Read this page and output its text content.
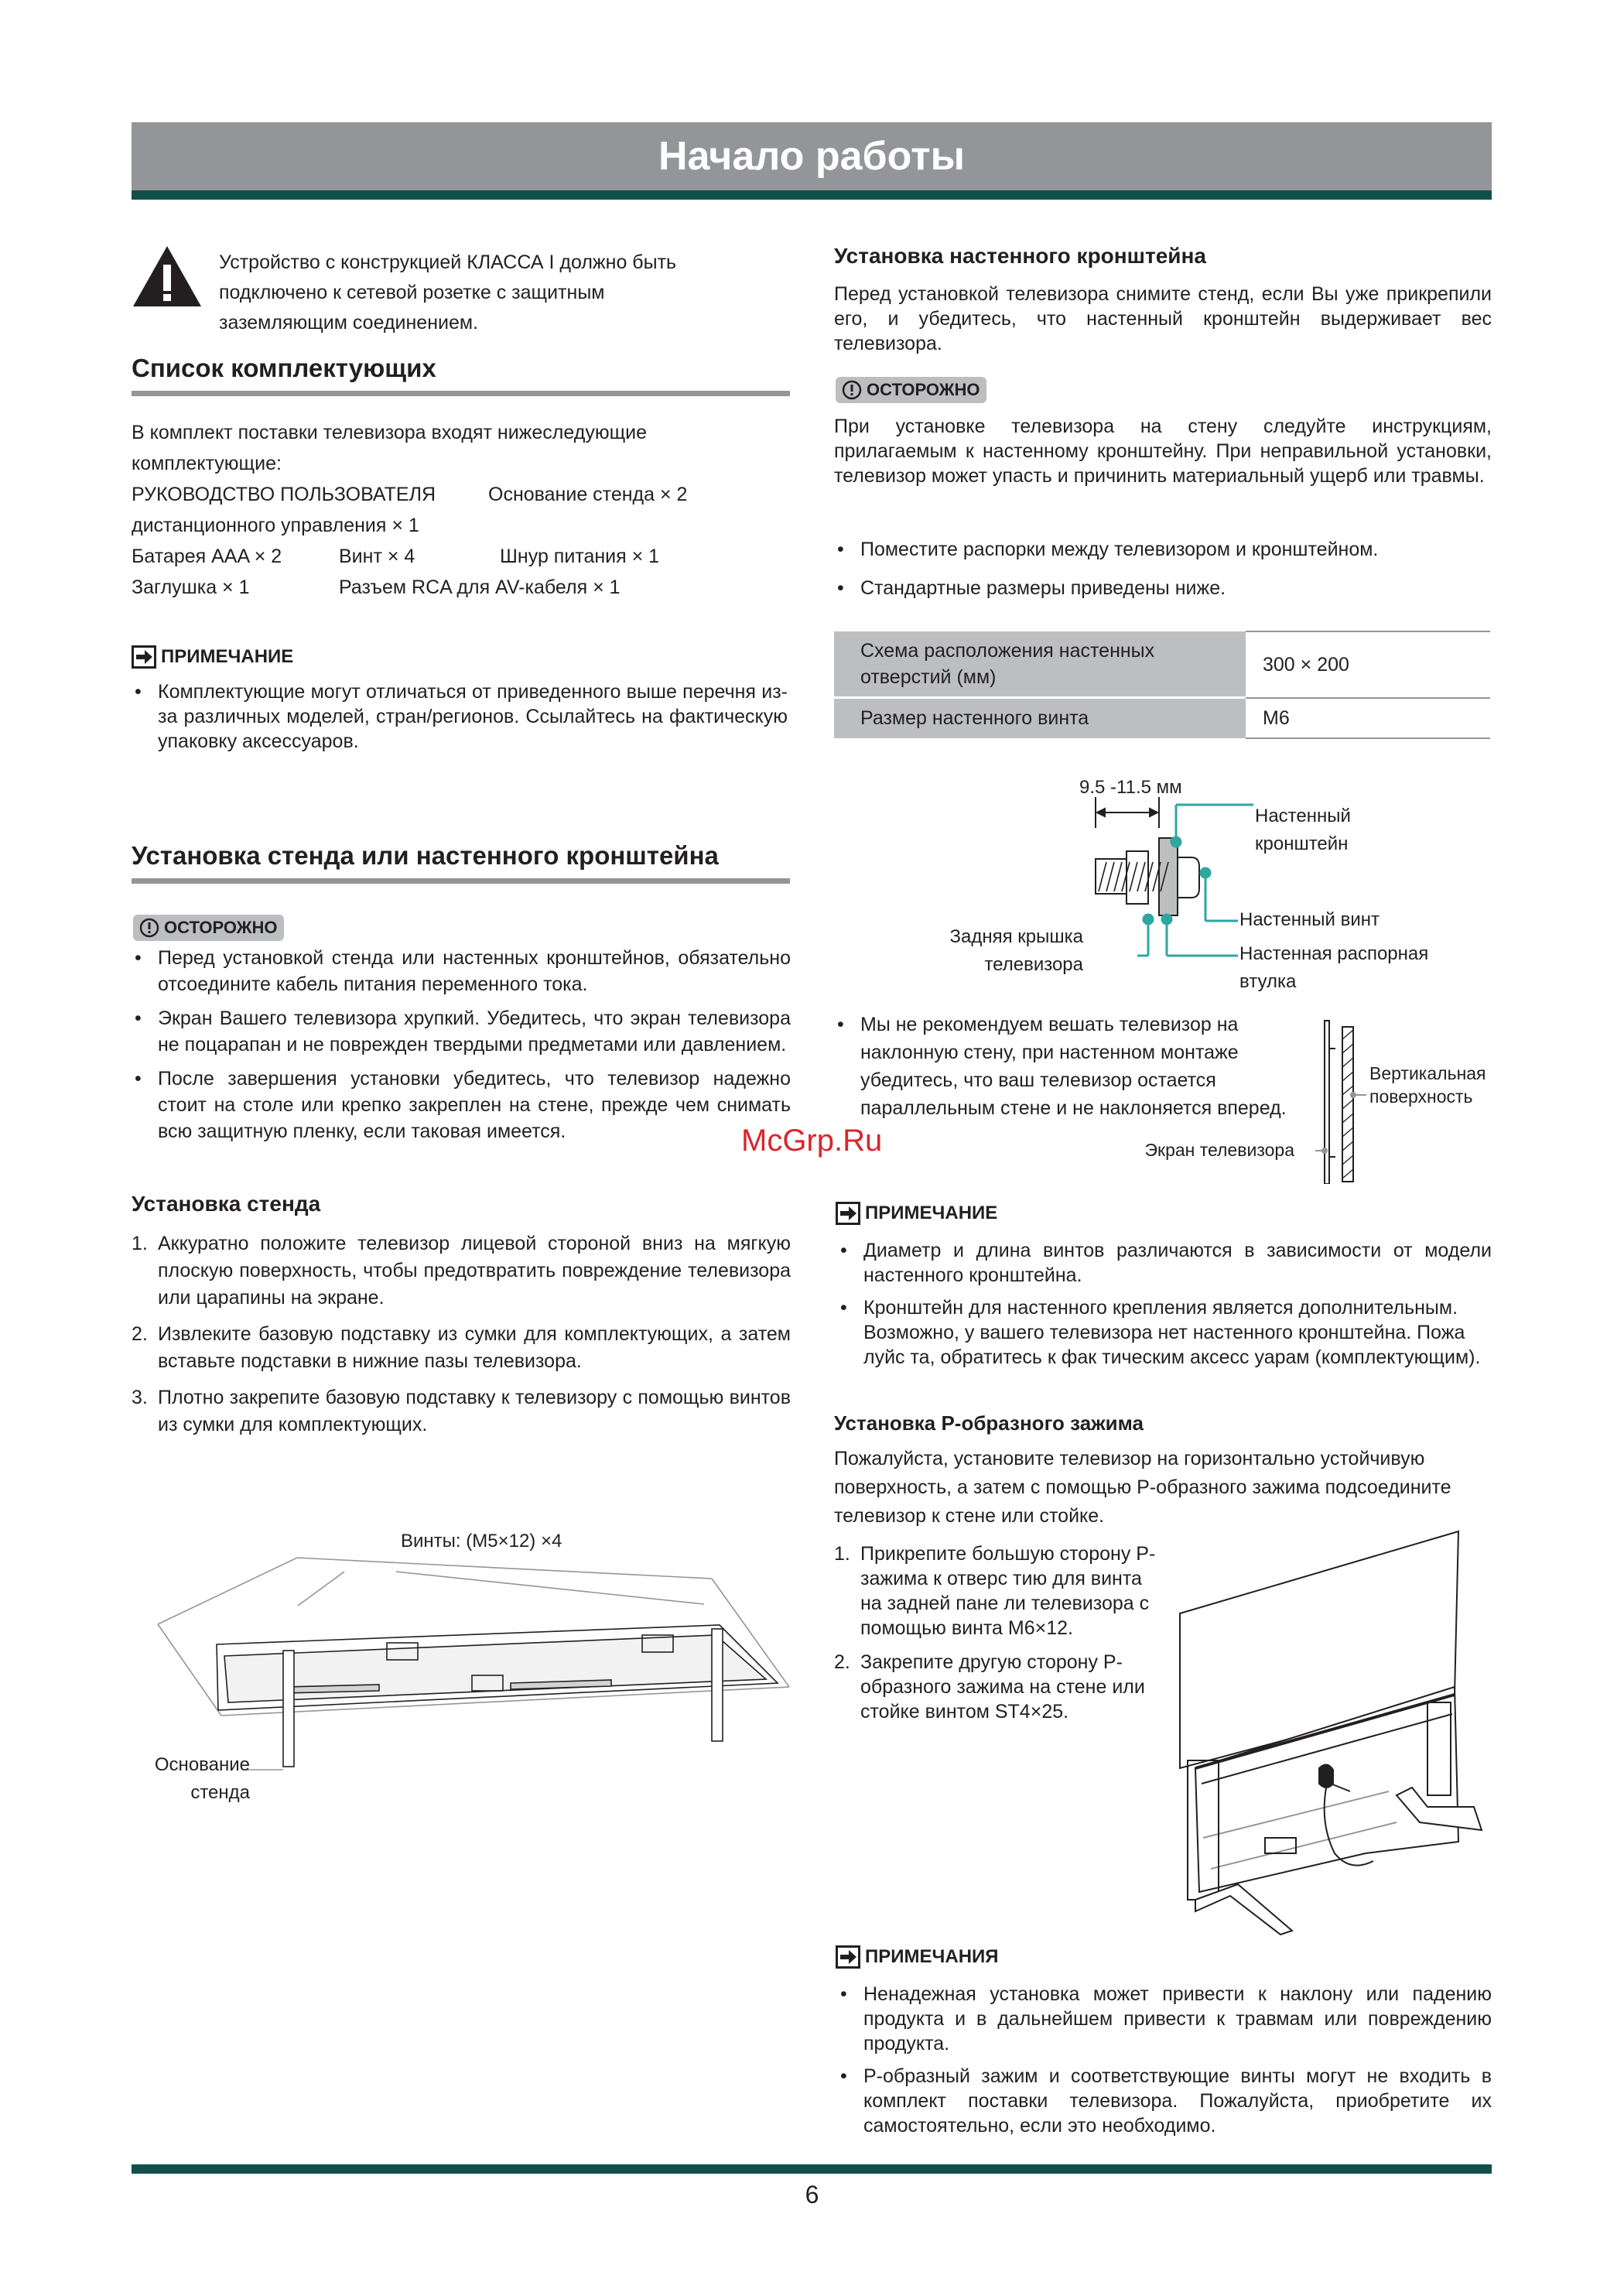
Начало работы
Устройство с конструкцией КЛАССА I должно быть
подключено к сетевой розетке с защитным
заземляющим соединением.
Список комплектующих
В комплект поставки телевизора входят нижеследующие
комплектующие:
РУКОВОДСТВО ПОЛЬЗОВАТЕЛЯ	Основание стенда × 2
дистанционного управления × 1
Батарея AAA × 2	Винт × 4	Шнур питания × 1
Заглушка × 1	Разъем RCA для AV-кабеля × 1
ПРИМЕЧАНИЕ
• Комплектующие могут отличаться от приведенного выше перечня из-за различных моделей, стран/регионов. Ссылайтесь на фактическую упаковку аксессуаров.
Установка стенда или настенного кронштейна
ОСТОРОЖНО
• Перед установкой стенда или настенных кронштейнов, обязательно отсоедините кабель питания переменного тока.
• Экран Вашего телевизора хрупкий. Убедитесь, что экран телевизора не поцарапан и не поврежден твердыми предметами или давлением.
• После завершения установки убедитесь, что телевизор надежно стоит на столе или крепко закреплен на стене, прежде чем снимать всю защитную пленку, если таковая имеется.
Установка стенда
1. Аккуратно положите телевизор лицевой стороной вниз на мягкую плоскую поверхность, чтобы предотвратить повреждение телевизора или царапины на экране.
2. Извлеките базовую подставку из сумки для комплектующих, а затем вставьте подставки в нижние пазы телевизора.
3. Плотно закрепите базовую подставку к телевизору с помощью винтов из сумки для комплектующих.
Винты: (M5×12) ×4
Основание
стенда
Установка настенного кронштейна
Перед установкой телевизора снимите стенд, если Вы уже прикрепили его, и убедитесь, что настенный кронштейн выдерживает вес телевизора.
ОСТОРОЖНО
При установке телевизора на стену следуйте инструкциям, прилагаемым к настенному кронштейну. При неправильной установки, телевизор может упасть и причинить материальный ущерб или травмы.
• Поместите распорки между телевизором и кронштейном.
• Стандартные размеры приведены ниже.
Схема расположения настенных отверстий (мм)	300 × 200
Размер настенного винта	M6
9.5 -11.5 мм
Настенный
кронштейн
Настенный винт
Задняя крышка
телевизора
Настенная распорная
втулка
• Мы не рекомендуем вешать телевизор на наклонную стену, при настенном монтаже убедитесь, что ваш телевизор остается параллельным стене и не наклоняется вперед.
Вертикальная
поверхность
Экран телевизора
McGrp.Ru
ПРИМЕЧАНИЕ
• Диаметр и длина винтов различаются в зависимости от модели настенного кронштейна.
• Кронштейн для настенного крепления является дополнительным. Возможно, у вашего телевизора нет настенного кронштейна. Пожа луйс та, обратитесь к фак тическим аксесс уарам (комплектующим).
Установка P-образного зажима
Пожалуйста, установите телевизор на горизонтально устойчивую поверхность, а затем с помощью P-образного зажима подсоедините телевизор к стене или стойке.
1. Прикрепите большую сторону P-зажима к отверс тию для винта на задней пане ли телевизора с помощью винта M6×12.
2. Закрепите другую сторону P-образного зажима на стене или стойке винтом ST4×25.
ПРИМЕЧАНИЯ
• Ненадежная установка может привести к наклону или падению продукта и в дальнейшем привести к травмам или повреждению продукта.
• P-образный зажим и соответствующие винты могут не входить в комплект поставки телевизора. Пожалуйста, приобретите их самостоятельно, если это необходимо.
6
